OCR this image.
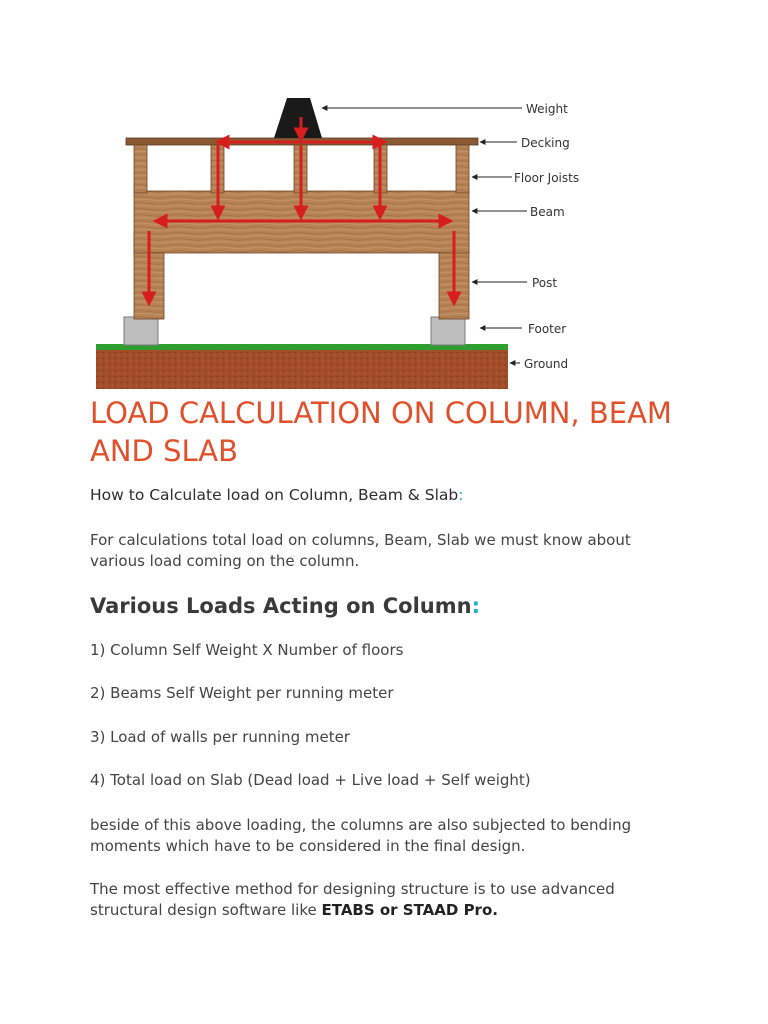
Weight
Decking
Floor Joists
Beam
Post
Footer
Ground
LOAD CALCULATION ON COLUMN, BEAM AND SLAB
How to Calculate load on Column, Beam & Slab:

For calculations total load on columns, Beam, Slab we must know about various load coming on the column.

Various Loads Acting on Column:

1) Column Self Weight X Number of floors

2) Beams Self Weight per running meter

3) Load of walls per running meter

4) Total load on Slab (Dead load + Live load + Self weight)

beside of this above loading, the columns are also subjected to bending moments which have to be considered in the final design.

The most effective method for designing structure is to use advanced structural design software like ETABS or STAAD Pro.
